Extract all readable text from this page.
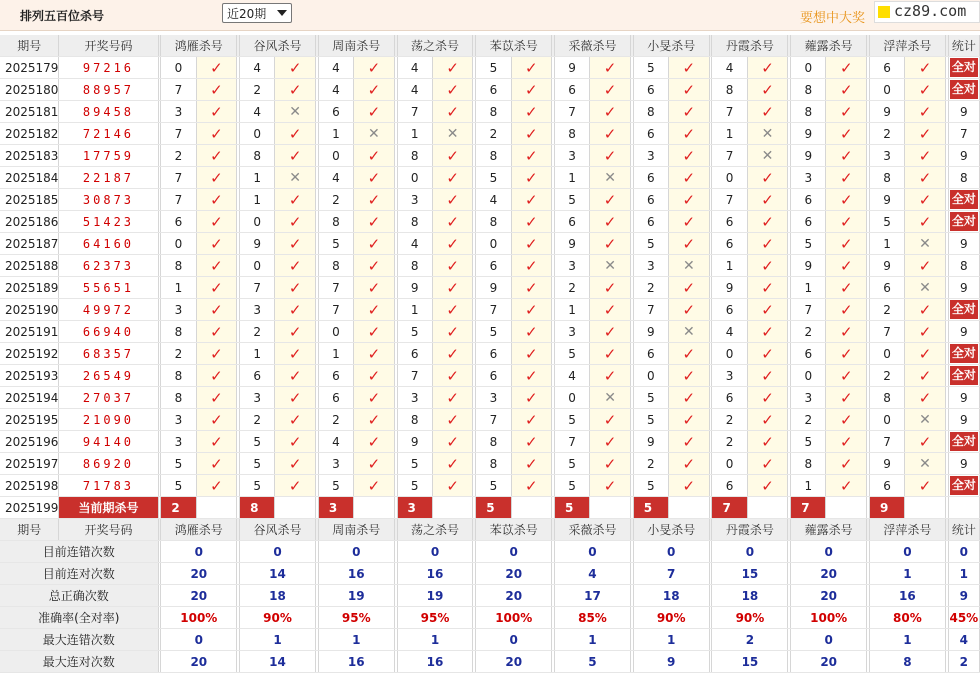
排列五百位杀号	近20期	要想中大奖 cz89.com
期号	开奖号码		鸿雁杀号			谷风杀号			周南杀号			荡之杀号			苯苡杀号			采薇杀号			小旻杀号			丹霞杀号			蕹露杀号			浮萍杀号			统计
2025179	97216		0	✓		4	✓		4	✓		4	✓		5	✓		9	✓		5	✓		4	✓		0	✓		6	✓		全对
2025180	88957		7	✓		2	✓		4	✓		4	✓		6	✓		6	✓		6	✓		8	✓		8	✓		0	✓		全对
2025181	89458		3	✓		4	✕		6	✓		7	✓		8	✓		7	✓		8	✓		7	✓		8	✓		9	✓		9
2025182	72146		7	✓		0	✓		1	✕		1	✕		2	✓		8	✓		6	✓		1	✕		9	✓		2	✓		7
2025183	17759		2	✓		8	✓		0	✓		8	✓		8	✓		3	✓		3	✓		7	✕		9	✓		3	✓		9
2025184	22187		7	✓		1	✕		4	✓		0	✓		5	✓		1	✕		6	✓		0	✓		3	✓		8	✓		8
2025185	30873		7	✓		1	✓		2	✓		3	✓		4	✓		5	✓		6	✓		7	✓		6	✓		9	✓		全对
2025186	51423		6	✓		0	✓		8	✓		8	✓		8	✓		6	✓		6	✓		6	✓		6	✓		5	✓		全对
2025187	64160		0	✓		9	✓		5	✓		4	✓		0	✓		9	✓		5	✓		6	✓		5	✓		1	✕		9
2025188	62373		8	✓		0	✓		8	✓		8	✓		6	✓		3	✕		3	✕		1	✓		9	✓		9	✓		8
2025189	55651		1	✓		7	✓		7	✓		9	✓		9	✓		2	✓		2	✓		9	✓		1	✓		6	✕		9
2025190	49972		3	✓		3	✓		7	✓		1	✓		7	✓		1	✓		7	✓		6	✓		7	✓		2	✓		全对
2025191	66940		8	✓		2	✓		0	✓		5	✓		5	✓		3	✓		9	✕		4	✓		2	✓		7	✓		9
2025192	68357		2	✓		1	✓		1	✓		6	✓		6	✓		5	✓		6	✓		0	✓		6	✓		0	✓		全对
2025193	26549		8	✓		6	✓		6	✓		7	✓		6	✓		4	✓		0	✓		3	✓		0	✓		2	✓		全对
2025194	27037		8	✓		3	✓		6	✓		3	✓		3	✓		0	✕		5	✓		6	✓		3	✓		8	✓		9
2025195	21090		3	✓		2	✓		2	✓		8	✓		7	✓		5	✓		5	✓		2	✓		2	✓		0	✕		9
2025196	94140		3	✓		5	✓		4	✓		9	✓		8	✓		7	✓		9	✓		2	✓		5	✓		7	✓		全对
2025197	86920		5	✓		5	✓		3	✓		5	✓		8	✓		5	✓		2	✓		0	✓		8	✓		9	✕		9
2025198	71783		5	✓		5	✓		5	✓		5	✓		5	✓		5	✓		5	✓		6	✓		1	✓		6	✓		全对
2025199	当前期杀号		2			8			3			3			5			5			5			7			7			9			
期号	开奖号码		鸿雁杀号			谷风杀号			周南杀号			荡之杀号			苯苡杀号			采薇杀号			小旻杀号			丹霞杀号			蕹露杀号			浮萍杀号			统计
目前连错次数			0			0			0			0			0			0			0			0			0			0			0
目前连对次数			20			14			16			16			20			4			7			15			20			1			1
总正确次数			20			18			19			19			20			17			18			18			20			16			9
准确率(全对率)			100%			90%			95%			95%			100%			85%			90%			90%			100%			80%			45%
最大连错次数			0			1			1			1			0			1			1			2			0			1			4
最大连对次数			20			14			16			16			20			5			9			15			20			8			2
